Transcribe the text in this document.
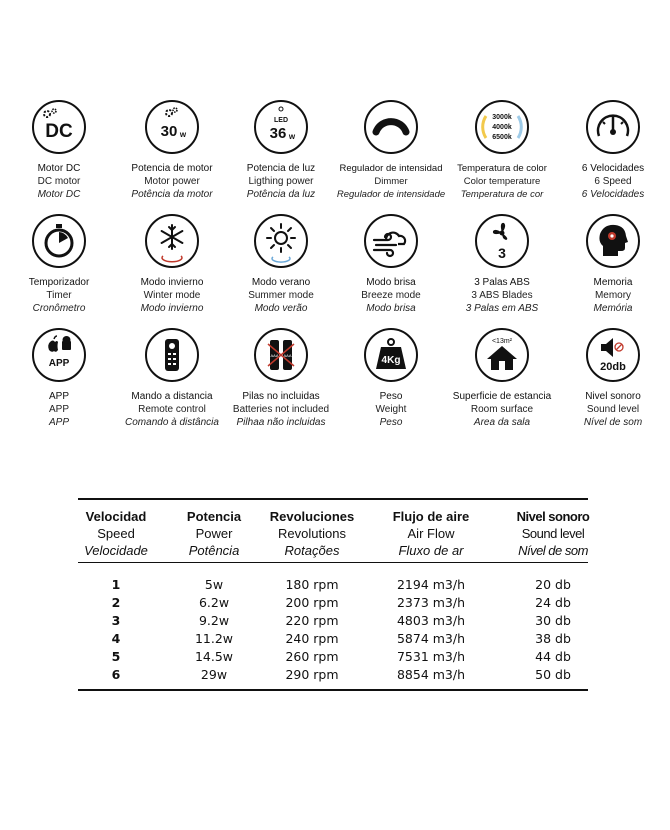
DC
Motor DC
DC motor
Motor DC
30 w
Potencia de motor
Motor power
Potência da motor
LED
36 w
Potencia de luz
Ligthing power
Potência da luz
Regulador de intensidad
Dimmer
Regulador de intensidade
3000k
4000k
6500k
Temperatura de color
Color temperature
Temperatura de cor
6 Velocidades
6 Speed
6 Velocidades
Temporizador
Timer
Cronômetro
Modo invierno
Winter mode
Modo invierno
Modo verano
Summer mode
Modo verão
Modo brisa
Breeze mode
Modo brisa
3
3 Palas ABS
3 ABS Blades
3 Palas em ABS
Memoria
Memory
Memória
APP
APP
APP
APP
Mando a distancia
Remote control
Comando à distância
AAA AAA
Pilas no incluidas
Batteries not included
Pilhaa não incluidas
4Kg
Peso
Weight
Peso
<13m²
Superficie de estancia
Room surface
Area da sala
20db
Nivel sonoro
Sound level
Nível de som
Velocidad
Speed
Velocidade
Potencia
Power
Potência
Revoluciones
Revolutions
Rotações
Flujo de aire
Air Flow
Fluxo de ar
Nivel sonoro
Sound level
Nível de som
1	5w	180 rpm	2194 m3/h	20 db
2	6.2w	200 rpm	2373 m3/h	24 db
3	9.2w	220 rpm	4803 m3/h	30 db
4	11.2w	240 rpm	5874 m3/h	38 db
5	14.5w	260 rpm	7531 m3/h	44 db
6	29w	290 rpm	8854 m3/h	50 db
